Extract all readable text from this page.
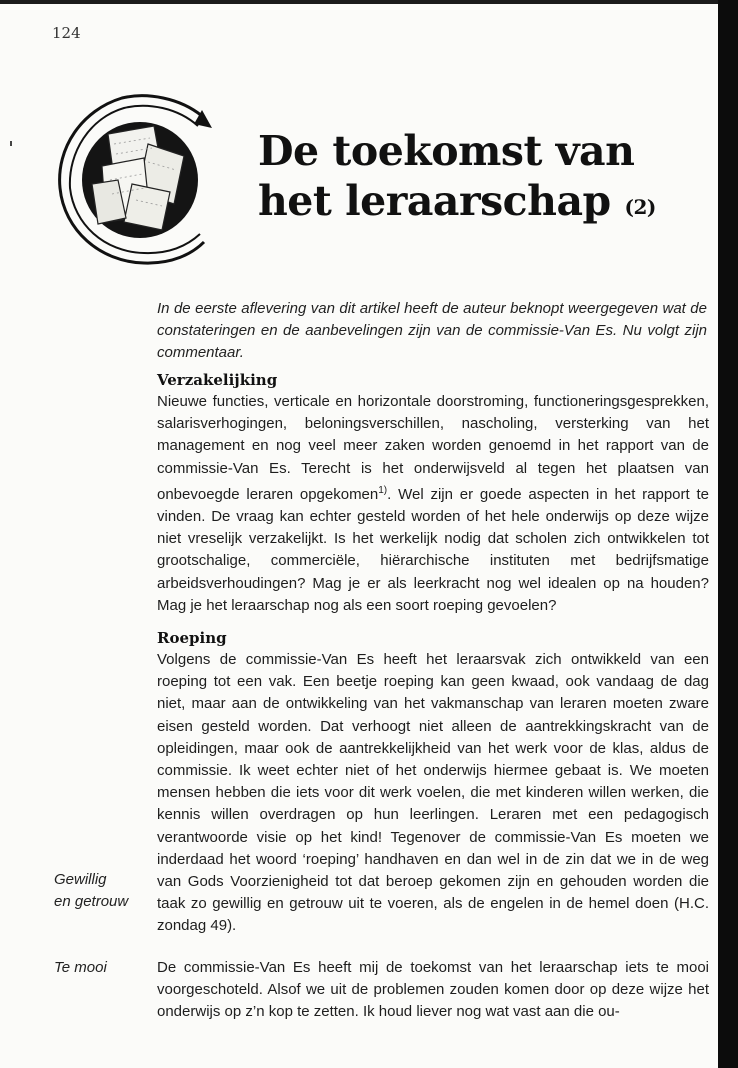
124
De toekomst van
het leraarschap (2)

In de eerste aflevering van dit artikel heeft de auteur beknopt weergegeven wat de constateringen en de aanbevelingen zijn van de commissie-Van Es. Nu volgt zijn commentaar.

Verzakelijking

Nieuwe functies, verticale en horizontale doorstroming, functioneringsgesprekken, salarisverhogingen, beloningsverschillen, nascholing, versterking van het management en nog veel meer zaken worden genoemd in het rapport van de commissie-Van Es. Terecht is het onderwijsveld al tegen het plaatsen van onbevoegde leraren opgekomen$^{1)}$. Wel zijn er goede aspecten in het rapport te vinden. De vraag kan echter gesteld worden of het hele onderwijs op deze wijze niet vreselijk verzakelijkt. Is het werkelijk nodig dat scholen zich ontwikkelen tot grootschalige, commerciële, hiërarchische instituten met bedrijfsmatige arbeidsverhoudingen? Mag je er als leerkracht nog wel idealen op na houden? Mag je het leraarschap nog als een soort roeping gevoelen?

Roeping

Volgens de commissie-Van Es heeft het leraarsvak zich ontwikkeld van een roeping tot een vak. Een beetje roeping kan geen kwaad, ook vandaag de dag niet, maar aan de ontwikkeling van het vakmanschap van leraren moeten zware eisen gesteld worden. Dat verhoogt niet alleen de aantrekkingskracht van de opleidingen, maar ook de aantrekkelijkheid van het werk voor de klas, aldus de commissie. Ik weet echter niet of het onderwijs hiermee gebaat is. We moeten mensen hebben die iets voor dit werk voelen, die met kinderen willen werken, die kennis willen overdragen op hun leerlingen. Leraren met een pedagogisch verantwoorde visie op het kind! Tegenover de commissie-Van Es moeten we inderdaad het woord ‘roeping’ handhaven en dan wel in de zin dat we in de weg van Gods Voorzienigheid tot dat beroep gekomen zijn en gehouden worden die taak zo gewillig en getrouw uit te voeren, als de engelen in de hemel doen (H.C. zondag 49).

De commissie-Van Es heeft mij de toekomst van het leraarschap iets te mooi voorgeschoteld. Alsof we uit de problemen zouden komen door op deze wijze het onderwijs op z’n kop te zetten. Ik houd liever nog wat vast aan die ou-

Gewillig
en getrouw
Te mooi
